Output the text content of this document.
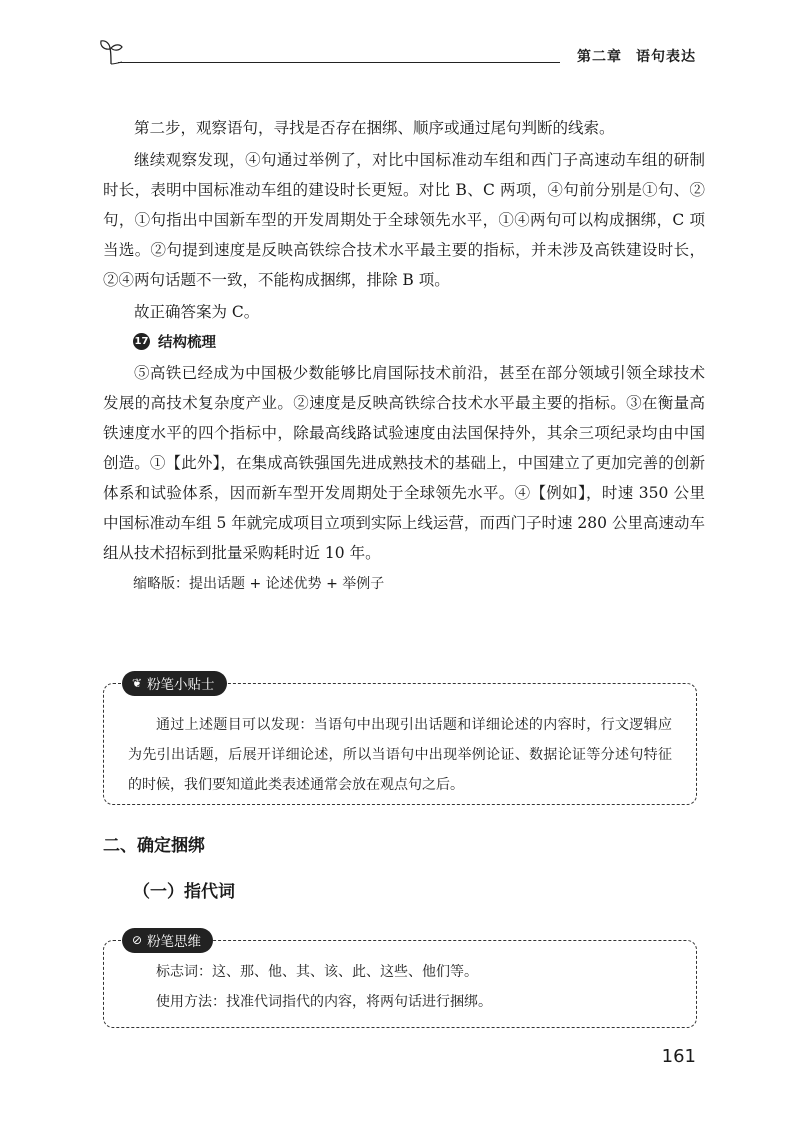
第二章 语句表达

第二步，观察语句，寻找是否存在捆绑、顺序或通过尾句判断的线索。

继续观察发现，④句通过举例了，对比中国标准动车组和西门子高速动车组的研制时长，表明中国标准动车组的建设时长更短。对比 B、C 两项，④句前分别是①句、②句，①句指出中国新车型的开发周期处于全球领先水平，①④两句可以构成捆绑，C 项当选。②句提到速度是反映高铁综合技术水平最主要的指标，并未涉及高铁建设时长，②④两句话题不一致，不能构成捆绑，排除 B 项。

故正确答案为 C。

17 结构梳理

⑤高铁已经成为中国极少数能够比肩国际技术前沿，甚至在部分领域引领全球技术发展的高技术复杂度产业。②速度是反映高铁综合技术水平最主要的指标。③在衡量高铁速度水平的四个指标中，除最高线路试验速度由法国保持外，其余三项纪录均由中国创造。①【此外】，在集成高铁强国先进成熟技术的基础上，中国建立了更加完善的创新体系和试验体系，因而新车型开发周期处于全球领先水平。④【例如】，时速 350 公里中国标准动车组 5 年就完成项目立项到实际上线运营，而西门子时速 280 公里高速动车组从技术招标到批量采购耗时近 10 年。

缩略版：提出话题 + 论述优势 + 举例子
❦ 粉笔小贴士
通过上述题目可以发现：当语句中出现引出话题和详细论述的内容时，行文逻辑应为先引出话题，后展开详细论述，所以当语句中出现举例论证、数据论证等分述句特征的时候，我们要知道此类表述通常会放在观点句之后。
二、确定捆绑
（一）指代词
⊘ 粉笔思维
标志词：这、那、他、其、该、此、这些、他们等。
使用方法：找准代词指代的内容，将两句话进行捆绑。
161
